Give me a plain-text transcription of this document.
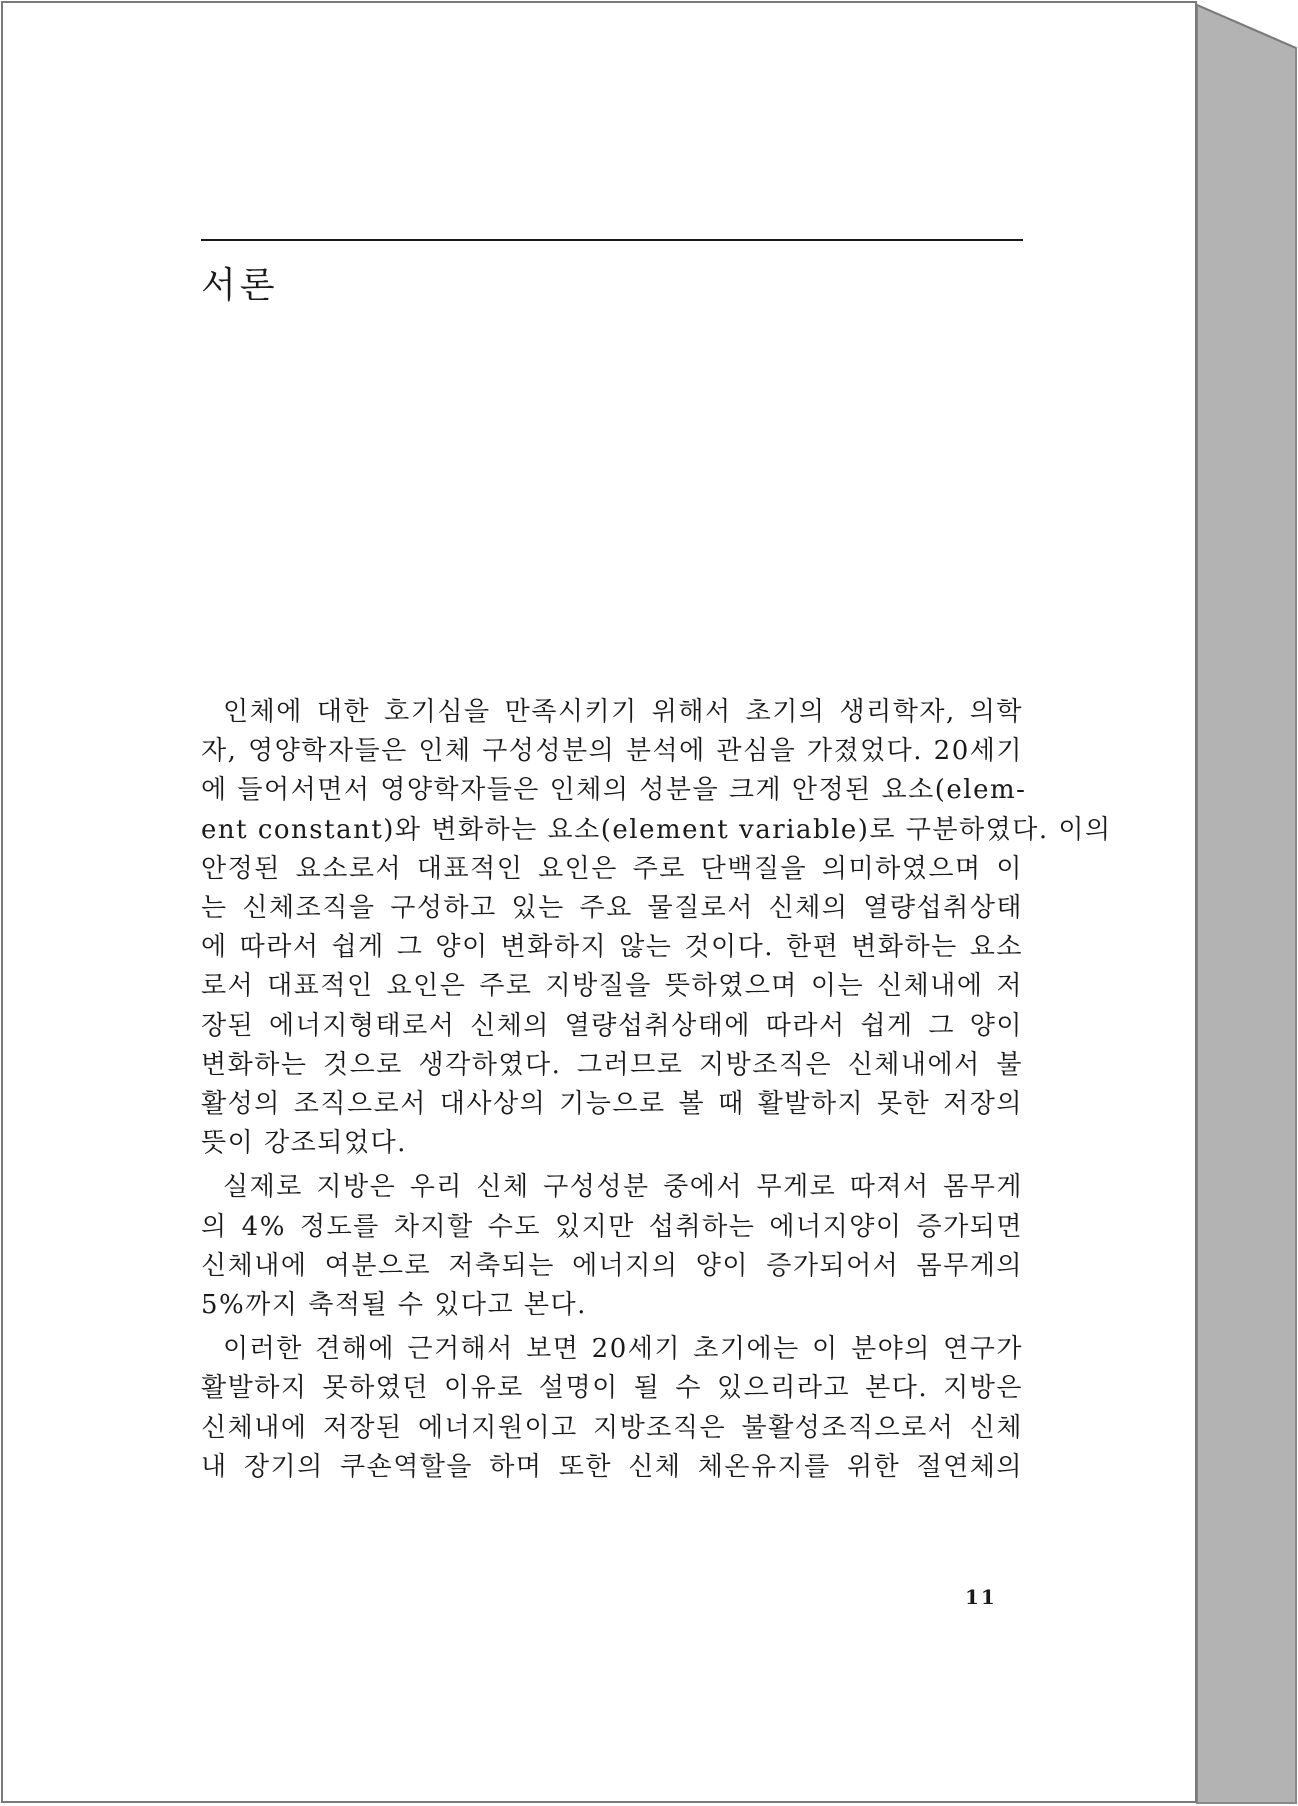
서론

인체에 대한 호기심을 만족시키기 위해서 초기의 생리학자, 의학
자, 영양학자들은 인체 구성성분의 분석에 관심을 가졌었다. 20세기
에 들어서면서 영양학자들은 인체의 성분을 크게 안정된 요소(elem-
ent constant)와 변화하는 요소(element variable)로 구분하였다. 이의
안정된 요소로서 대표적인 요인은 주로 단백질을 의미하였으며 이
는 신체조직을 구성하고 있는 주요 물질로서 신체의 열량섭취상태
에 따라서 쉽게 그 양이 변화하지 않는 것이다. 한편 변화하는 요소
로서 대표적인 요인은 주로 지방질을 뜻하였으며 이는 신체내에 저
장된 에너지형태로서 신체의 열량섭취상태에 따라서 쉽게 그 양이
변화하는 것으로 생각하였다. 그러므로 지방조직은 신체내에서 불
활성의 조직으로서 대사상의 기능으로 볼 때 활발하지 못한 저장의
뜻이 강조되었다.

실제로 지방은 우리 신체 구성성분 중에서 무게로 따져서 몸무게
의 4% 정도를 차지할 수도 있지만 섭취하는 에너지양이 증가되면
신체내에 여분으로 저축되는 에너지의 양이 증가되어서 몸무게의
5%까지 축적될 수 있다고 본다.

이러한 견해에 근거해서 보면 20세기 초기에는 이 분야의 연구가
활발하지 못하였던 이유로 설명이 될 수 있으리라고 본다. 지방은
신체내에 저장된 에너지원이고 지방조직은 불활성조직으로서 신체
내 장기의 쿠숀역할을 하며 또한 신체 체온유지를 위한 절연체의

11
